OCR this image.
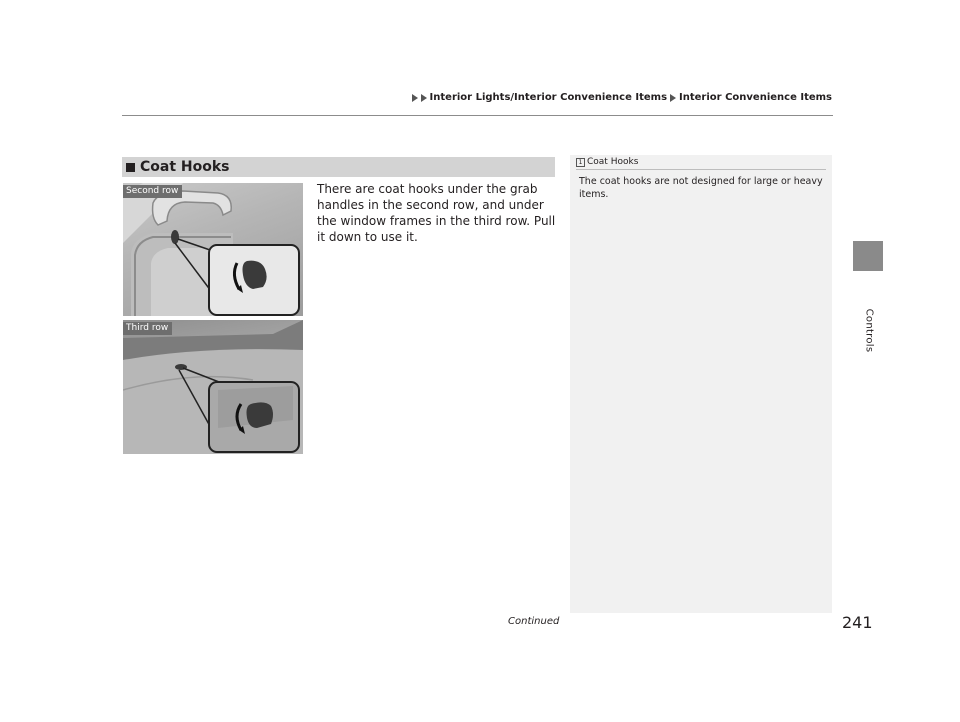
Interior Lights/Interior Convenience Items Interior Convenience Items
Controls
Coat Hooks
There are coat hooks under the grab handles in the second row, and under the window frames in the third row. Pull it down to use it.
Second row
Third row
1 Coat Hooks
The coat hooks are not designed for large or heavy items.
Continued	241
